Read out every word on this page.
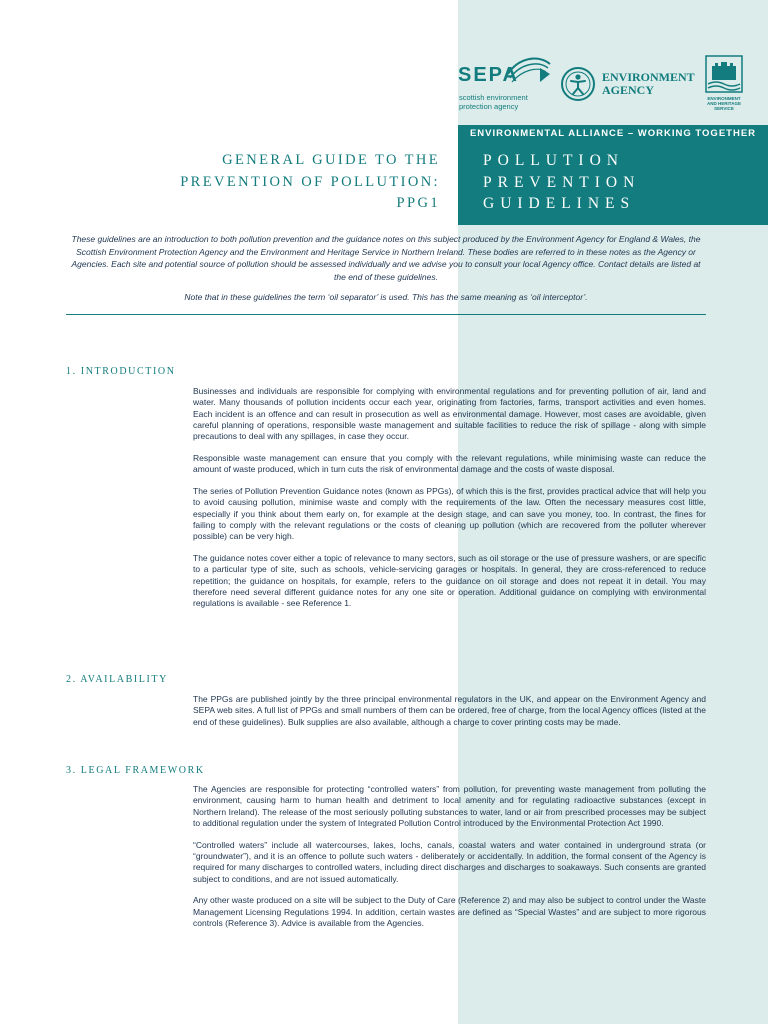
SEPA
scottish environment
protection agency
ENVIRONMENT
AGENCY
ENVIRONMENT
AND HERITAGE
SERVICE
ENVIRONMENTAL ALLIANCE – WORKING TOGETHER
GENERAL GUIDE TO THE
PREVENTION OF POLLUTION:
PPG1
POLLUTION
PREVENTION
GUIDELINES

These guidelines are an introduction to both pollution prevention and the guidance notes on this subject produced by the Environment Agency for England & Wales, the Scottish Environment Protection Agency and the Environment and Heritage Service in Northern Ireland. These bodies are referred to in these notes as the Agency or Agencies. Each site and potential source of pollution should be assessed individually and we advise you to consult your local Agency office. Contact details are listed at the end of these guidelines.

Note that in these guidelines the term ‘oil separator’ is used. This has the same meaning as ‘oil interceptor’.

1. INTRODUCTION

Businesses and individuals are responsible for complying with environmental regulations and for preventing pollution of air, land and water. Many thousands of pollution incidents occur each year, originating from factories, farms, transport activities and even homes. Each incident is an offence and can result in prosecution as well as environmental damage. However, most cases are avoidable, given careful planning of operations, responsible waste management and suitable facilities to reduce the risk of spillage - along with simple precautions to deal with any spillages, in case they occur.

Responsible waste management can ensure that you comply with the relevant regulations, while minimising waste can reduce the amount of waste produced, which in turn cuts the risk of environmental damage and the costs of waste disposal.

The series of Pollution Prevention Guidance notes (known as PPGs), of which this is the first, provides practical advice that will help you to avoid causing pollution, minimise waste and comply with the requirements of the law. Often the necessary measures cost little, especially if you think about them early on, for example at the design stage, and can save you money, too. In contrast, the fines for failing to comply with the relevant regulations or the costs of cleaning up pollution (which are recovered from the polluter wherever possible) can be very high.

The guidance notes cover either a topic of relevance to many sectors, such as oil storage or the use of pressure washers, or are specific to a particular type of site, such as schools, vehicle-servicing garages or hospitals. In general, they are cross-referenced to reduce repetition; the guidance on hospitals, for example, refers to the guidance on oil storage and does not repeat it in detail. You may therefore need several different guidance notes for any one site or operation. Additional guidance on complying with environmental regulations is available - see Reference 1.

2. AVAILABILITY

The PPGs are published jointly by the three principal environmental regulators in the UK, and appear on the Environment Agency and SEPA web sites. A full list of PPGs and small numbers of them can be ordered, free of charge, from the local Agency offices (listed at the end of these guidelines). Bulk supplies are also available, although a charge to cover printing costs may be made.

3. LEGAL FRAMEWORK

The Agencies are responsible for protecting “controlled waters” from pollution, for preventing waste management from polluting the environment, causing harm to human health and detriment to local amenity and for regulating radioactive substances (except in Northern Ireland). The release of the most seriously polluting substances to water, land or air from prescribed processes may be subject to additional regulation under the system of Integrated Pollution Control introduced by the Environmental Protection Act 1990.

“Controlled waters” include all watercourses, lakes, lochs, canals, coastal waters and water contained in underground strata (or “groundwater”), and it is an offence to pollute such waters - deliberately or accidentally. In addition, the formal consent of the Agency is required for many discharges to controlled waters, including direct discharges and discharges to soakaways. Such consents are granted subject to conditions, and are not issued automatically.

Any other waste produced on a site will be subject to the Duty of Care (Reference 2) and may also be subject to control under the Waste Management Licensing Regulations 1994. In addition, certain wastes are defined as “Special Wastes” and are subject to more rigorous controls (Reference 3). Advice is available from the Agencies.
